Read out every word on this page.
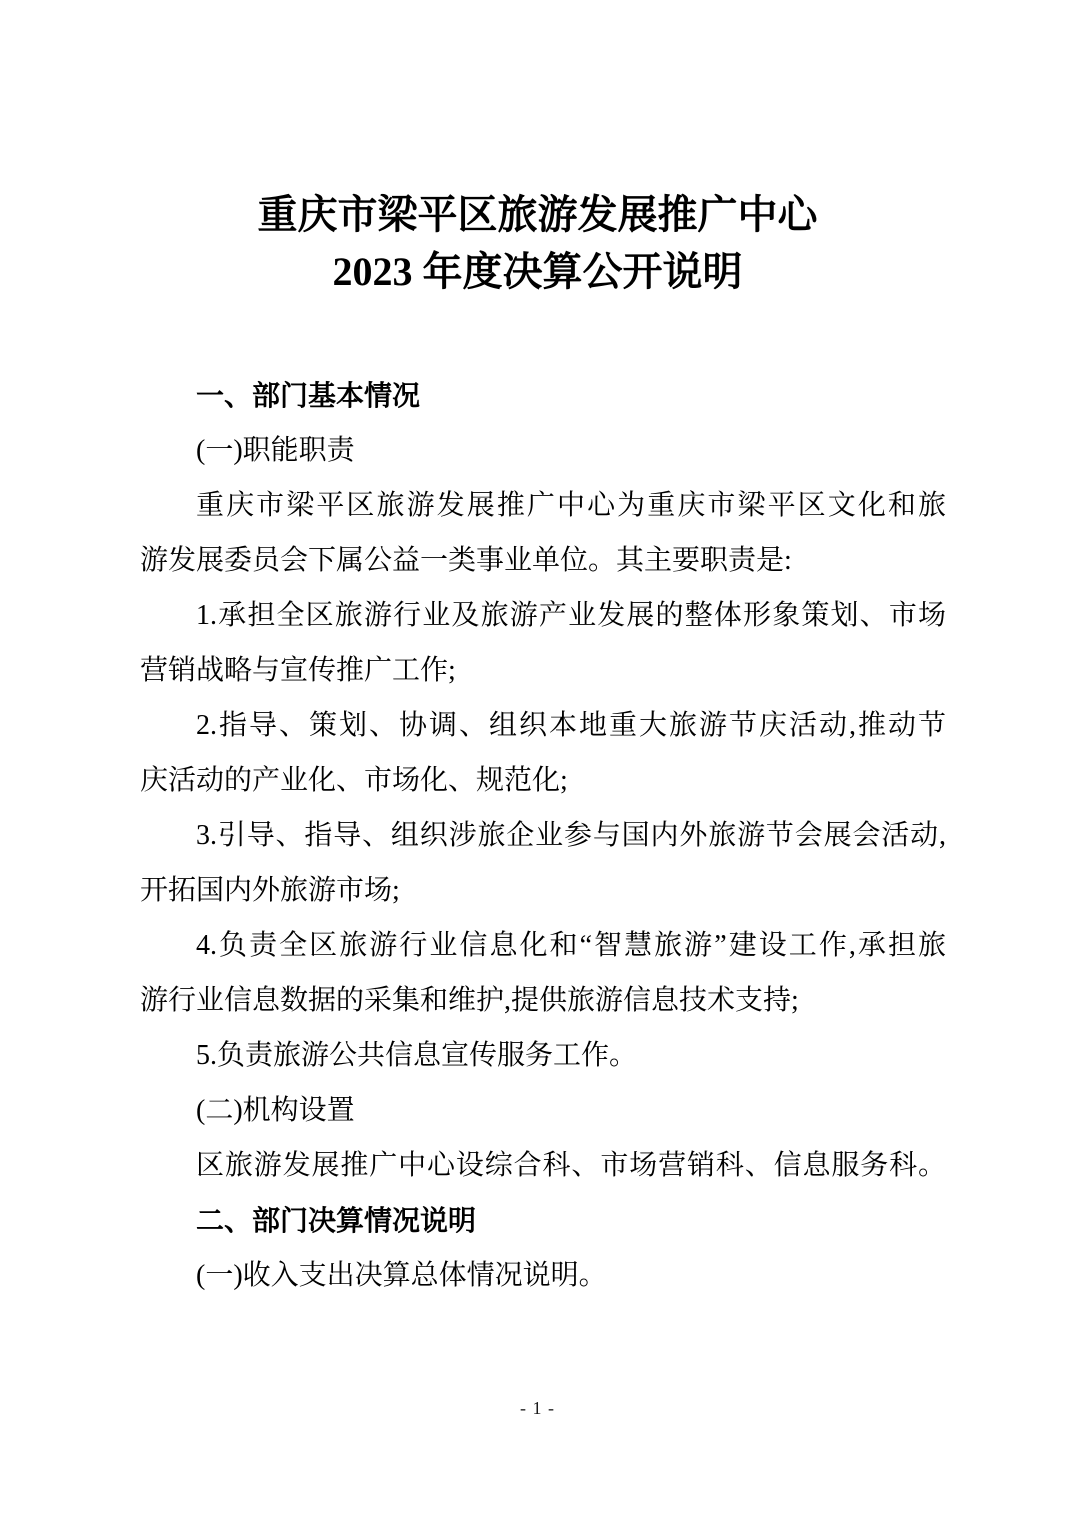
重庆市梁平区旅游发展推广中心
2023 年度决算公开说明
一、部门基本情况
(一)职能职责
重庆市梁平区旅游发展推广中心为重庆市梁平区文化和旅
游发展委员会下属公益一类事业单位。其主要职责是:
1.承担全区旅游行业及旅游产业发展的整体形象策划、市场
营销战略与宣传推广工作;
2.指导、策划、协调、组织本地重大旅游节庆活动,推动节
庆活动的产业化、市场化、规范化;
3.引导、指导、组织涉旅企业参与国内外旅游节会展会活动,
开拓国内外旅游市场;
4.负责全区旅游行业信息化和“智慧旅游”建设工作,承担旅
游行业信息数据的采集和维护,提供旅游信息技术支持;
5.负责旅游公共信息宣传服务工作。
(二)机构设置
区旅游发展推广中心设综合科、市场营销科、信息服务科。
二、部门决算情况说明
(一)收入支出决算总体情况说明。
- 1 -
